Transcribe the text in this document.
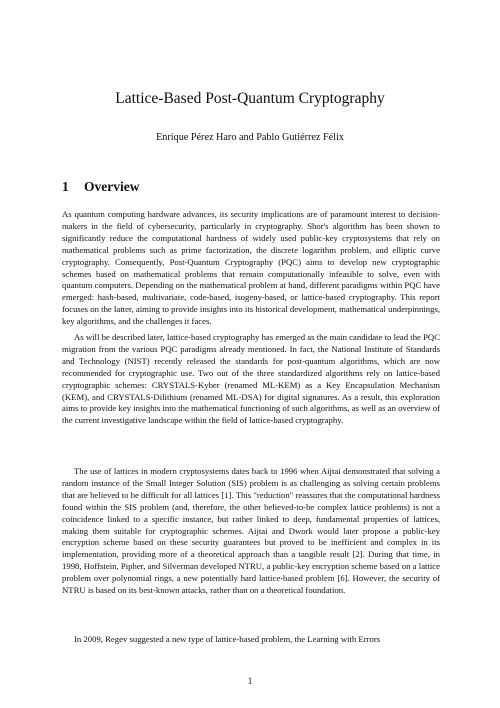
Lattice-Based Post-Quantum Cryptography
Enrique Pérez Haro and Pablo Gutiérrez Félix
1 Overview

As quantum computing hardware advances, its security implications are of paramount interest to decision-makers in the field of cybersecurity, particularly in cryptography. Shor's algorithm has been shown to significantly reduce the computational hardness of widely used public-key cryptosystems that rely on mathematical problems such as prime factorization, the discrete logarithm problem, and elliptic curve cryptography. Consequently, Post-Quantum Cryptography (PQC) aims to develop new cryptographic schemes based on mathematical problems that remain computationally infeasible to solve, even with quantum computers. Depending on the mathematical problem at hand, different paradigms within PQC have emerged: hash-based, multivariate, code-based, isogeny-based, or lattice-based cryptography. This report focuses on the latter, aiming to provide insights into its historical development, mathematical underpinnings, key algorithms, and the challenges it faces.

As will be described later, lattice-based cryptography has emerged as the main candidate to lead the PQC migration from the various PQC paradigms already mentioned. In fact, the National Institute of Standards and Technology (NIST) recently released the standards for post-quantum algorithms, which are now recommended for cryptographic use. Two out of the three standardized algorithms rely on lattice-based cryptographic schemes: CRYSTALS-Kyber (renamed ML-KEM) as a Key Encapsulation Mechanism (KEM), and CRYSTALS-Dilithium (renamed ML-DSA) for digital signatures. As a result, this exploration aims to provide key insights into the mathematical functioning of such algorithms, as well as an overview of the current investigative landscape within the field of lattice-based cryptography.

The use of lattices in modern cryptosystems dates back to 1996 when Aijtai demonstrated that solving a random instance of the Small Integer Solution (SIS) problem is as challenging as solving certain problems that are believed to be difficult for all lattices [1]. This "reduction" reassures that the computational hardness found within the SIS problem (and, therefore, the other believed-to-be complex lattice problems) is not a coincidence linked to a specific instance, but rather linked to deep, fundamental properties of lattices, making them suitable for cryptographic schemes. Aijtai and Dwork would later propose a public-key encryption scheme based on these security guarantees but proved to be inefficient and complex in its implementation, providing more of a theoretical approach than a tangible result [2]. During that time, in 1998, Hoffstein, Pipher, and Silverman developed NTRU, a public-key encryption scheme based on a lattice problem over polynomial rings, a new potentially hard lattice-based problem [6]. However, the security of NTRU is based on its best-known attacks, rather than on a theoretical foundation.

In 2009, Regev suggested a new type of lattice-based problem, the Learning with Errors

1
